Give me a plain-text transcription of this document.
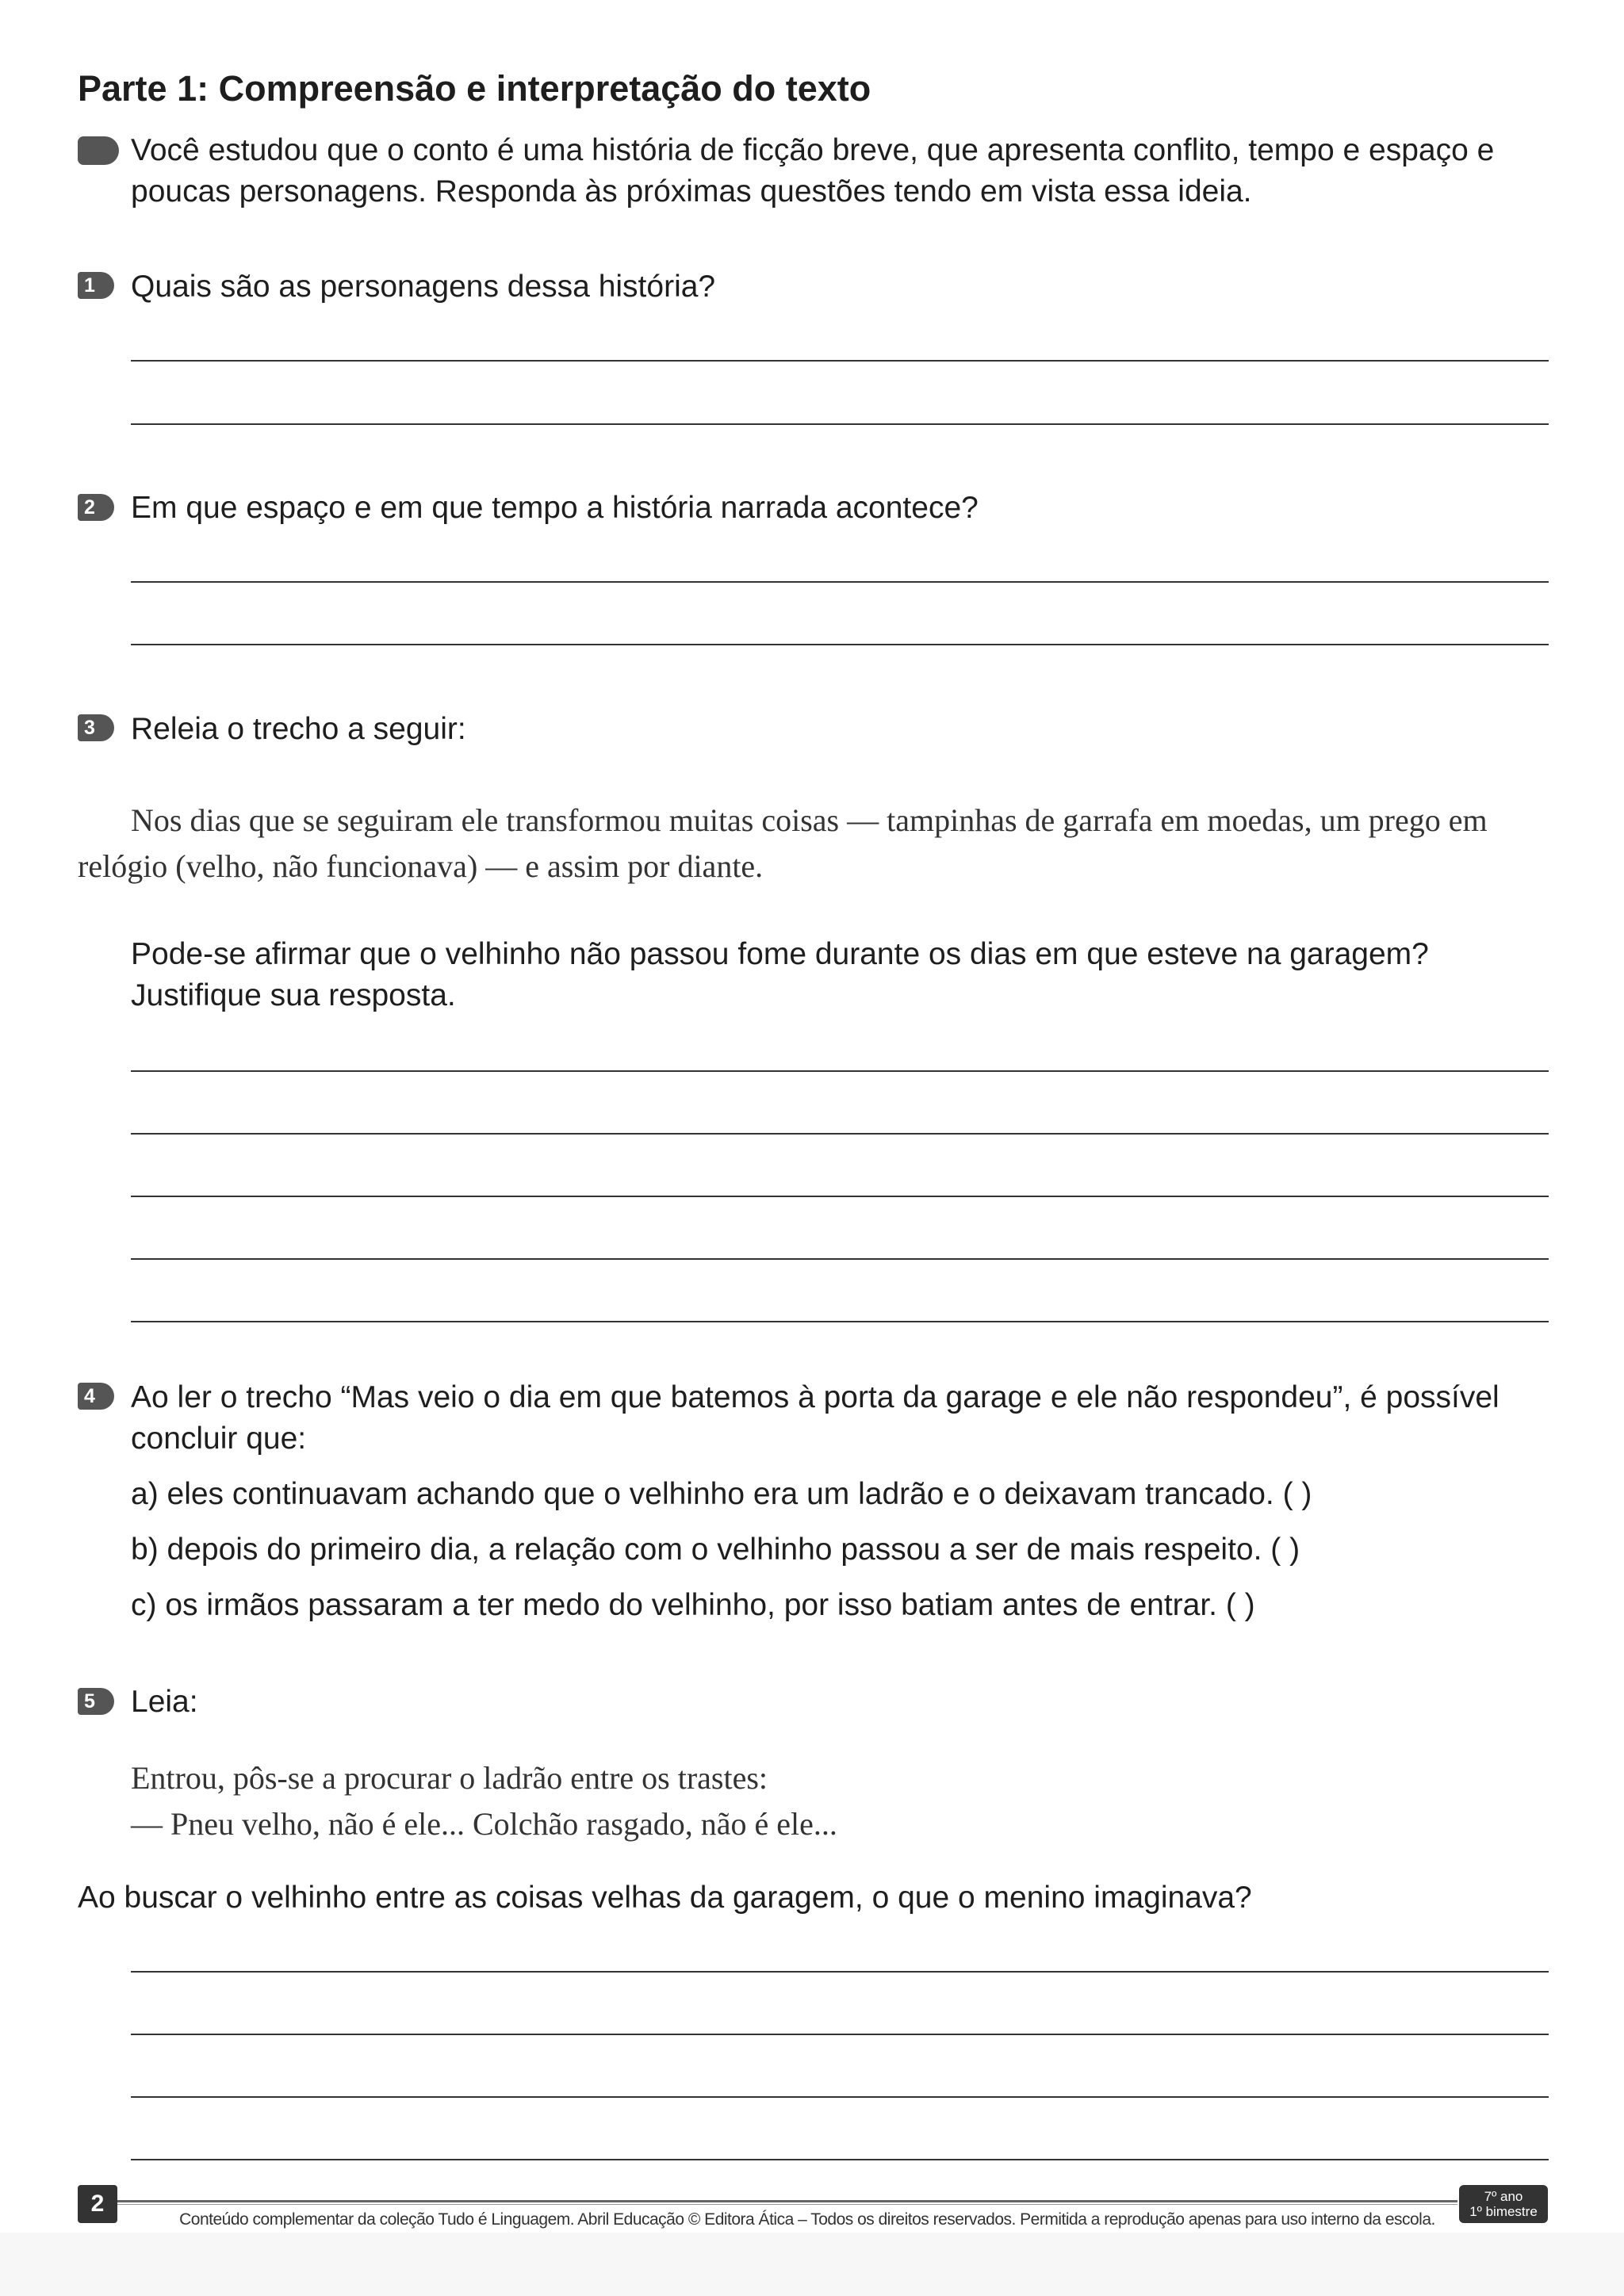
Parte 1: Compreensão e interpretação do texto
Você estudou que o conto é uma história de ficção breve, que apresenta conflito, tempo e espaço e poucas personagens. Responda às próximas questões tendo em vista essa ideia.
1	Quais são as personagens dessa história?
2	Em que espaço e em que tempo a história narrada acontece?
3	Releia o trecho a seguir:
Nos dias que se seguiram ele transformou muitas coisas — tampinhas de garrafa em moedas, um prego em relógio (velho, não funcionava) — e assim por diante.
Pode-se afirmar que o velhinho não passou fome durante os dias em que esteve na garagem? Justifique sua resposta.
4	Ao ler o trecho “Mas veio o dia em que batemos à porta da garage e ele não respondeu”, é possível concluir que:
a) eles continuavam achando que o velhinho era um ladrão e o deixavam trancado. ( )
b) depois do primeiro dia, a relação com o velhinho passou a ser de mais respeito. ( )
c) os irmãos passaram a ter medo do velhinho, por isso batiam antes de entrar. ( )
5	Leia:
Entrou, pôs-se a procurar o ladrão entre os trastes:
— Pneu velho, não é ele... Colchão rasgado, não é ele...
Ao buscar o velhinho entre as coisas velhas da garagem, o que o menino imaginava?
2
Conteúdo complementar da coleção Tudo é Linguagem. Abril Educação © Editora Ática – Todos os direitos reservados. Permitida a reprodução apenas para uso interno da escola.
7º ano
1º bimestre
